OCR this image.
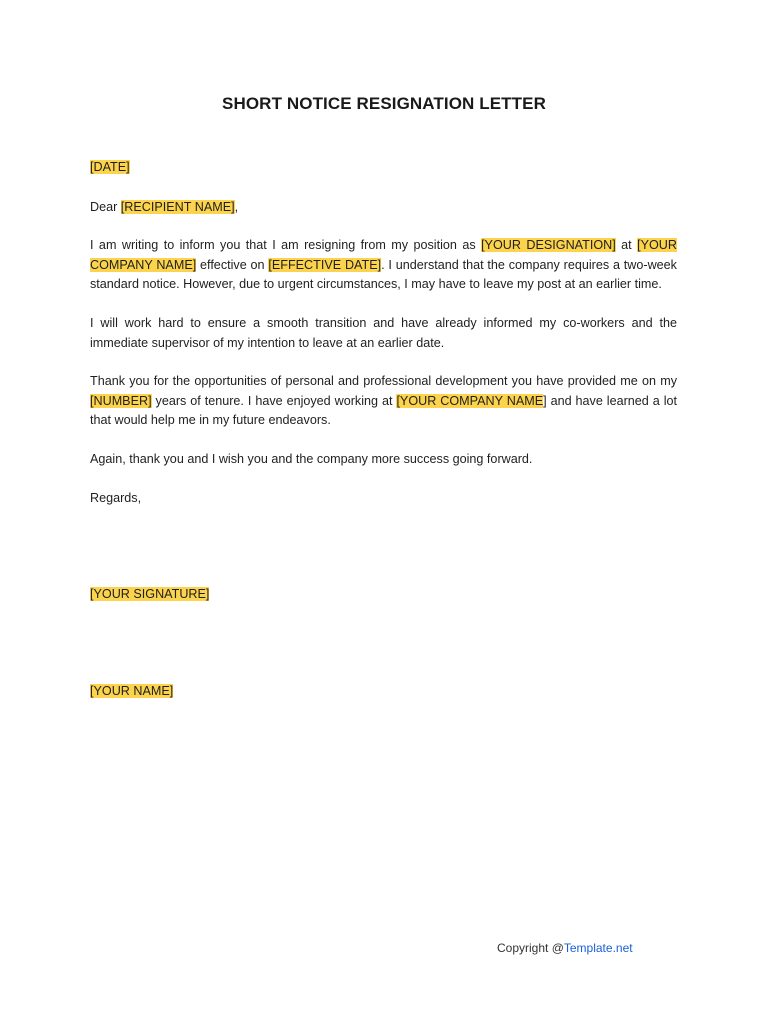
SHORT NOTICE RESIGNATION LETTER
[DATE]
Dear [RECIPIENT NAME],
I am writing to inform you that I am resigning from my position as [YOUR DESIGNATION] at [YOUR COMPANY NAME] effective on [EFFECTIVE DATE]. I understand that the company requires a two-week standard notice. However, due to urgent circumstances, I may have to leave my post at an earlier time.
I will work hard to ensure a smooth transition and have already informed my co-workers and the immediate supervisor of my intention to leave at an earlier date.
Thank you for the opportunities of personal and professional development you have provided me on my [NUMBER] years of tenure. I have enjoyed working at [YOUR COMPANY NAME] and have learned a lot that would help me in my future endeavors.
Again, thank you and I wish you and the company more success going forward.
Regards,
[YOUR SIGNATURE]
[YOUR NAME]
Copyright @Template.net
